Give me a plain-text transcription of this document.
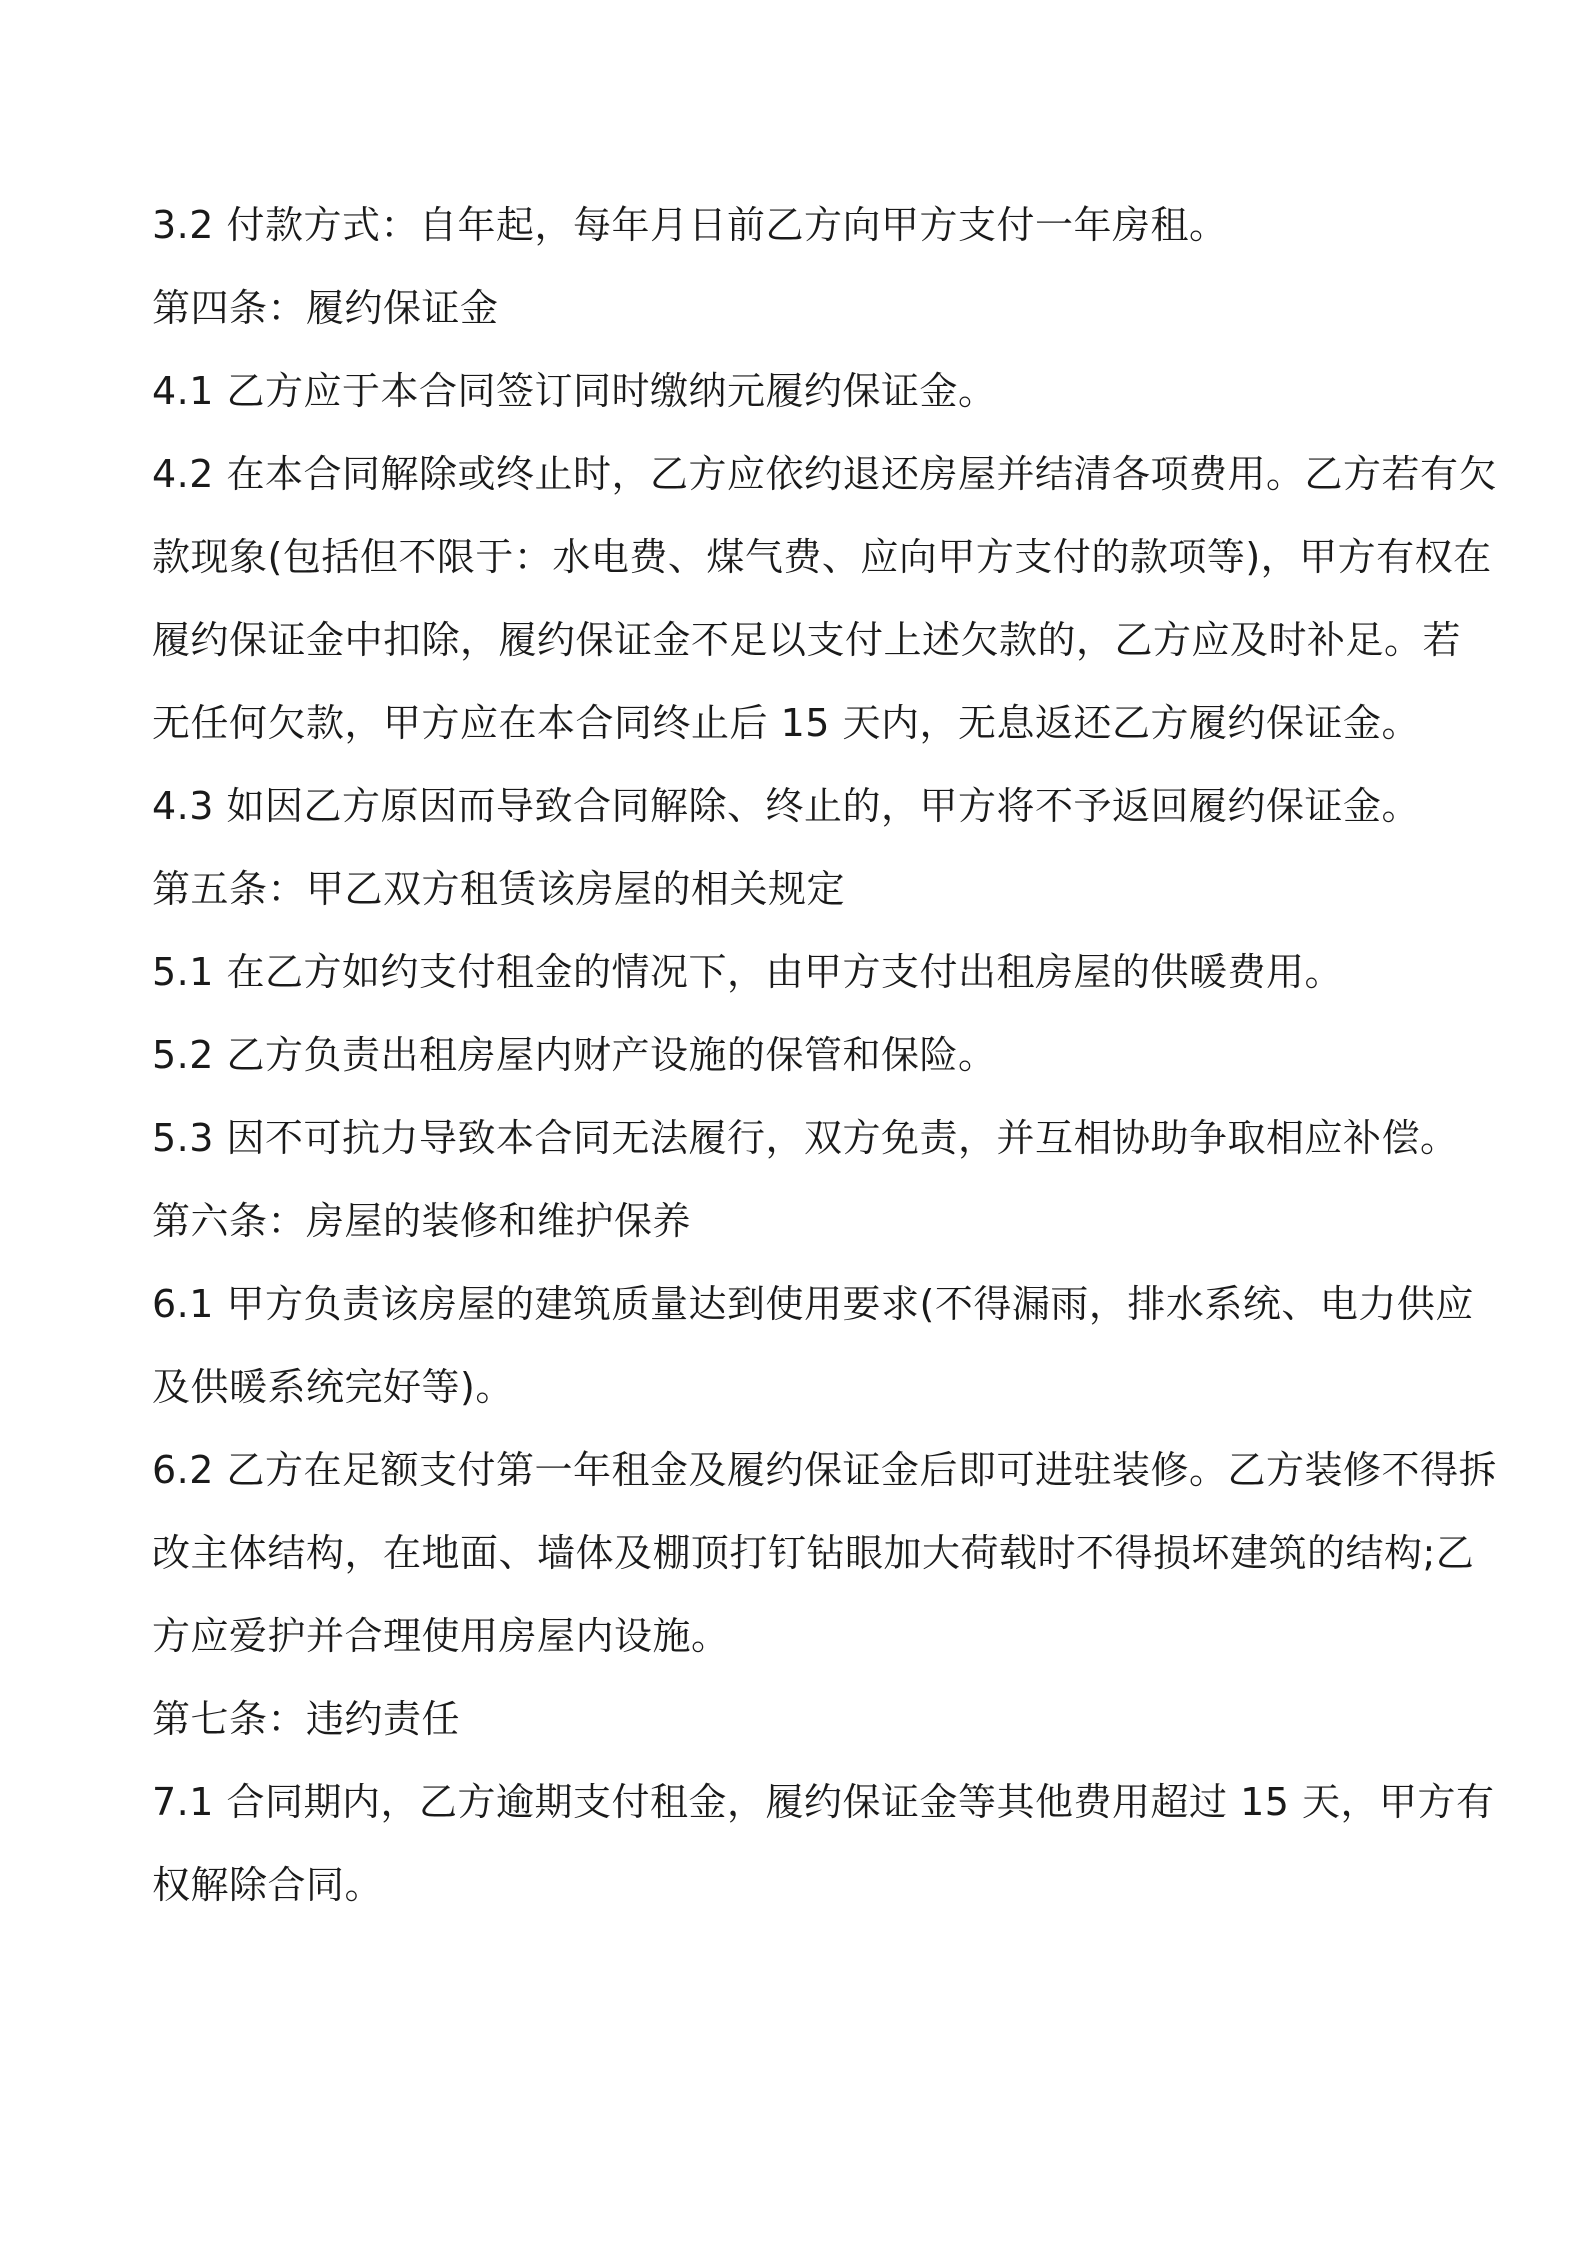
3.2 付款方式：自年起，每年月日前乙方向甲方支付一年房租。

第四条：履约保证金

4.1 乙方应于本合同签订同时缴纳元履约保证金。

4.2 在本合同解除或终止时，乙方应依约退还房屋并结清各项费用。乙方若有欠
款现象(包括但不限于：水电费、煤气费、应向甲方支付的款项等)，甲方有权在
履约保证金中扣除，履约保证金不足以支付上述欠款的，乙方应及时补足。若
无任何欠款，甲方应在本合同终止后 15 天内，无息返还乙方履约保证金。

4.3 如因乙方原因而导致合同解除、终止的，甲方将不予返回履约保证金。

第五条：甲乙双方租赁该房屋的相关规定

5.1 在乙方如约支付租金的情况下，由甲方支付出租房屋的供暖费用。

5.2 乙方负责出租房屋内财产设施的保管和保险。

5.3 因不可抗力导致本合同无法履行，双方免责，并互相协助争取相应补偿。

第六条：房屋的装修和维护保养

6.1 甲方负责该房屋的建筑质量达到使用要求(不得漏雨，排水系统、电力供应
及供暖系统完好等)。

6.2 乙方在足额支付第一年租金及履约保证金后即可进驻装修。乙方装修不得拆
改主体结构，在地面、墙体及棚顶打钉钻眼加大荷载时不得损坏建筑的结构;乙
方应爱护并合理使用房屋内设施。

第七条：违约责任

7.1 合同期内，乙方逾期支付租金，履约保证金等其他费用超过 15 天，甲方有
权解除合同。
